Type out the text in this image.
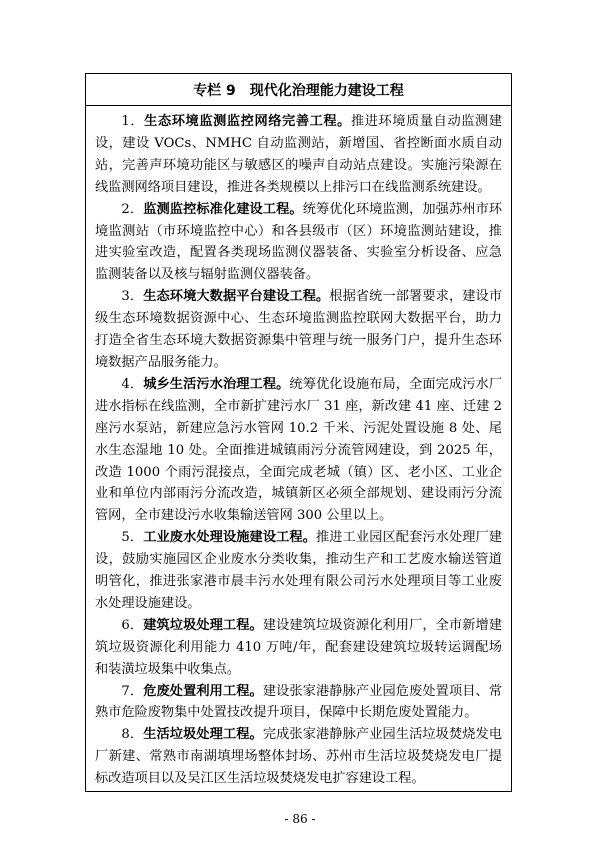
专栏 9　现代化治理能力建设工程

1．生态环境监测监控网络完善工程。推进环境质量自动监测建设，建设 VOCs、NMHC 自动监测站，新增国、省控断面水质自动站，完善声环境功能区与敏感区的噪声自动站点建设。实施污染源在线监测网络项目建设，推进各类规模以上排污口在线监测系统建设。

2．监测监控标准化建设工程。统筹优化环境监测，加强苏州市环境监测站（市环境监控中心）和各县级市（区）环境监测站建设，推进实验室改造，配置各类现场监测仪器装备、实验室分析设备、应急监测装备以及核与辐射监测仪器装备。

3．生态环境大数据平台建设工程。根据省统一部署要求，建设市级生态环境数据资源中心、生态环境监测监控联网大数据平台，助力打造全省生态环境大数据资源集中管理与统一服务门户，提升生态环境数据产品服务能力。

4．城乡生活污水治理工程。统筹优化设施布局，全面完成污水厂进水指标在线监测，全市新扩建污水厂 31 座，新改建 41 座、迁建 2 座污水泵站，新建应急污水管网 10.2 千米、污泥处置设施 8 处、尾水生态湿地 10 处。全面推进城镇雨污分流管网建设，到 2025 年，改造 1000 个雨污混接点，全面完成老城（镇）区、老小区、工业企业和单位内部雨污分流改造，城镇新区必须全部规划、建设雨污分流管网，全市建设污水收集输送管网 300 公里以上。

5．工业废水处理设施建设工程。推进工业园区配套污水处理厂建设，鼓励实施园区企业废水分类收集，推动生产和工艺废水输送管道明管化，推进张家港市晨丰污水处理有限公司污水处理项目等工业废水处理设施建设。

6．建筑垃圾处理工程。建设建筑垃圾资源化利用厂，全市新增建筑垃圾资源化利用能力 410 万吨/年，配套建设建筑垃圾转运调配场和装潢垃圾集中收集点。

7．危废处置利用工程。建设张家港静脉产业园危废处置项目、常熟市危险废物集中处置技改提升项目，保障中长期危废处置能力。

8．生活垃圾处理工程。完成张家港静脉产业园生活垃圾焚烧发电厂新建、常熟市南湖填埋场整体封场、苏州市生活垃圾焚烧发电厂提标改造项目以及吴江区生活垃圾焚烧发电扩容建设工程。

- 86 -
